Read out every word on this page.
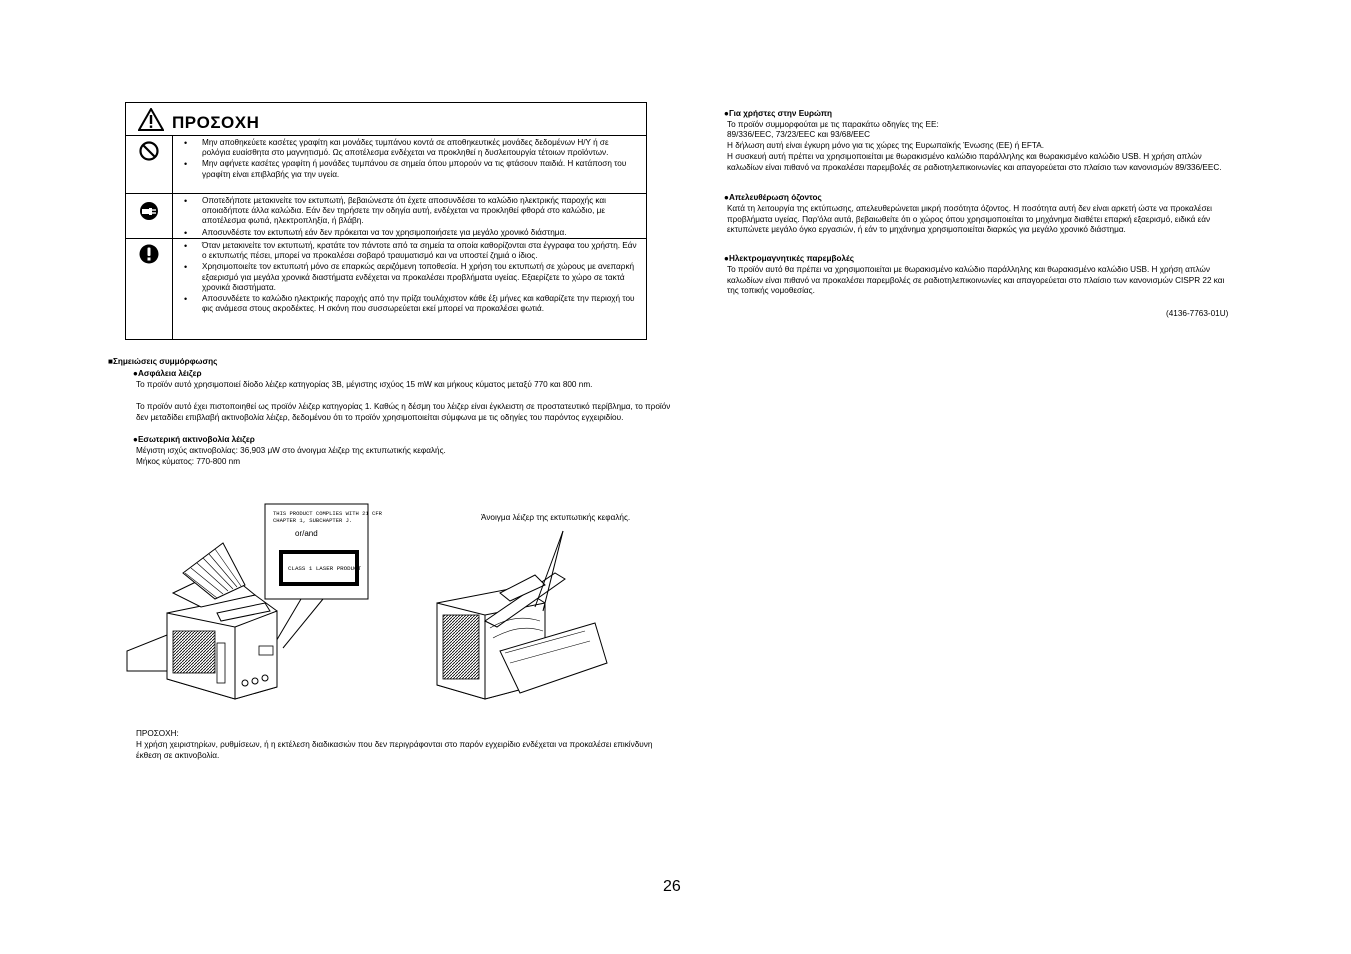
ΠΡΟΣΟΧΗ
• Μην αποθηκεύετε κασέτες γραφίτη και μονάδες τυμπάνου κοντά σε αποθηκευτικές μονάδες δεδομένων Η/Υ ή σε ρολόγια ευαίσθητα στο μαγνητισμό. Ως αποτέλεσμα ενδέχεται να προκληθεί η δυσλειτουργία τέτοιων προϊόντων.
• Μην αφήνετε κασέτες γραφίτη ή μονάδες τυμπάνου σε σημεία όπου μπορούν να τις φτάσουν παιδιά. Η κατάποση του γραφίτη είναι επιβλαβής για την υγεία.
• Οποτεδήποτε μετακινείτε τον εκτυπωτή, βεβαιώνεστε ότι έχετε αποσυνδέσει το καλώδιο ηλεκτρικής παροχής και οποιαδήποτε άλλα καλώδια. Εάν δεν τηρήσετε την οδηγία αυτή, ενδέχεται να προκληθεί φθορά στο καλώδιο, με αποτέλεσμα φωτιά, ηλεκτροπληξία, ή βλάβη.
• Αποσυνδέστε τον εκτυπωτή εάν δεν πρόκειται να τον χρησιμοποιήσετε για μεγάλο χρονικό διάστημα.
• Όταν μετακινείτε τον εκτυπωτή, κρατάτε τον πάντοτε από τα σημεία τα οποία καθορίζονται στα έγγραφα του χρήστη. Εάν ο εκτυπωτής πέσει, μπορεί να προκαλέσει σοβαρό τραυματισμό και να υποστεί ζημιά ο ίδιος.
• Χρησιμοποιείτε τον εκτυπωτή μόνο σε επαρκώς αεριζόμενη τοποθεσία. Η χρήση του εκτυπωτή σε χώρους με ανεπαρκή εξαερισμό για μεγάλα χρονικά διαστήματα ενδέχεται να προκαλέσει προβλήματα υγείας. Εξαερίζετε το χώρο σε τακτά χρονικά διαστήματα.
• Αποσυνδέετε το καλώδιο ηλεκτρικής παροχής από την πρίζα τουλάχιστον κάθε έξι μήνες και καθαρίζετε την περιοχή του φις ανάμεσα στους ακροδέκτες. Η σκόνη που συσσωρεύεται εκεί μπορεί να προκαλέσει φωτιά.
■Σημειώσεις συμμόρφωσης
●Ασφάλεια λέιζερ
Το προϊόν αυτό χρησιμοποιεί δίοδο λέιζερ κατηγορίας 3B, μέγιστης ισχύος 15 mW και μήκους κύματος μεταξύ 770 και 800 nm.
Το προϊόν αυτό έχει πιστοποιηθεί ως προϊόν λέιζερ κατηγορίας 1. Καθώς η δέσμη του λέιζερ είναι έγκλειστη σε προστατευτικό περίβλημα, το προϊόν δεν μεταδίδει επιβλαβή ακτινοβολία λέιζερ, δεδομένου ότι το προϊόν χρησιμοποιείται σύμφωνα με τις οδηγίες του παρόντος εγχειριδίου.
●Εσωτερική ακτινοβολία λέιζερ
Μέγιστη ισχύς ακτινοβολίας: 36,903 μW στο άνοιγμα λέιζερ της εκτυπωτικής κεφαλής.
Μήκος κύματος: 770-800 nm
THIS PRODUCT COMPLIES WITH 21 CFR
CHAPTER 1, SUBCHAPTER J.
or/and
CLASS 1 LASER PRODUCT
Άνοιγμα λέιζερ της εκτυπωτικής κεφαλής.
ΠΡΟΣΟΧΗ:
Η χρήση χειριστηρίων, ρυθμίσεων, ή η εκτέλεση διαδικασιών που δεν περιγράφονται στο παρόν εγχειρίδιο ενδέχεται να προκαλέσει επικίνδυνη έκθεση σε ακτινοβολία.
●Για χρήστες στην Ευρώπη
Το προϊόν συμμορφούται με τις παρακάτω οδηγίες της ΕΕ:
89/336/EEC, 73/23/EEC και 93/68/EEC
Η δήλωση αυτή είναι έγκυρη μόνο για τις χώρες της Ευρωπαϊκής Ένωσης (ΕΕ) ή EFTA.
Η συσκευή αυτή πρέπει να χρησιμοποιείται με θωρακισμένο καλώδιο παράλληλης και θωρακισμένο καλώδιο USB. Η χρήση απλών καλωδίων είναι πιθανό να προκαλέσει παρεμβολές σε ραδιοτηλεπικοινωνίες και απαγορεύεται στο πλαίσιο των κανονισμών 89/336/EEC.
●Απελευθέρωση όζοντος
Κατά τη λειτουργία της εκτύπωσης, απελευθερώνεται μικρή ποσότητα όζοντος. Η ποσότητα αυτή δεν είναι αρκετή ώστε να προκαλέσει προβλήματα υγείας. Παρ'όλα αυτά, βεβαιωθείτε ότι ο χώρος όπου χρησιμοποιείται το μηχάνημα διαθέτει επαρκή εξαερισμό, ειδικά εάν εκτυπώνετε μεγάλο όγκο εργασιών, ή εάν το μηχάνημα χρησιμοποιείται διαρκώς για μεγάλο χρονικό διάστημα.
●Ηλεκτρομαγνητικές παρεμβολές
Το προϊόν αυτό θα πρέπει να χρησιμοποιείται με θωρακισμένο καλώδιο παράλληλης και θωρακισμένο καλώδιο USB. Η χρήση απλών καλωδίων είναι πιθανό να προκαλέσει παρεμβολές σε ραδιοτηλεπικοινωνίες και απαγορεύεται στο πλαίσιο των κανονισμών CISPR 22 και της τοπικής νομοθεσίας.
(4136-7763-01U)
26
